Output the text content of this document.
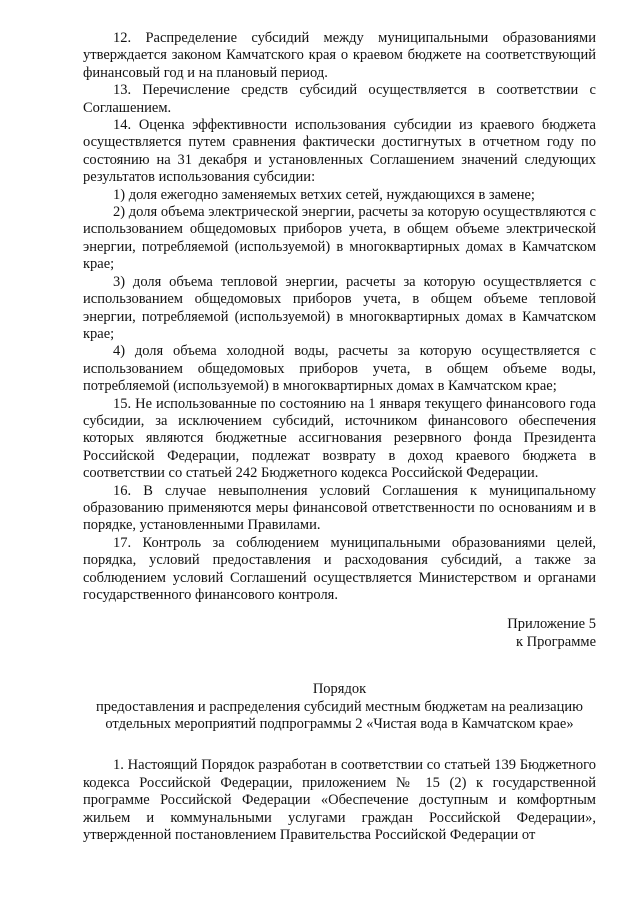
12. Распределение субсидий между муниципальными образованиями утверждается законом Камчатского края о краевом бюджете на соответствующий финансовый год и на плановый период.

13. Перечисление средств субсидий осуществляется в соответствии с Соглашением.

14. Оценка эффективности использования субсидии из краевого бюджета осуществляется путем сравнения фактически достигнутых в отчетном году по состоянию на 31 декабря и установленных Соглашением значений следующих результатов использования субсидии:

1) доля ежегодно заменяемых ветхих сетей, нуждающихся в замене;

2) доля объема электрической энергии, расчеты за которую осуществляются с использованием общедомовых приборов учета, в общем объеме электрической энергии, потребляемой (используемой) в многоквартирных домах в Камчатском крае;

3) доля объема тепловой энергии, расчеты за которую осуществляется с использованием общедомовых приборов учета, в общем объеме тепловой энергии, потребляемой (используемой) в многоквартирных домах в Камчатском крае;

4) доля объема холодной воды, расчеты за которую осуществляется с использованием общедомовых приборов учета, в общем объеме воды, потребляемой (используемой) в многоквартирных домах в Камчатском крае;

15. Не использованные по состоянию на 1 января текущего финансового года субсидии, за исключением субсидий, источником финансового обеспечения которых являются бюджетные ассигнования резервного фонда Президента Российской Федерации, подлежат возврату в доход краевого бюджета в соответствии со статьей 242 Бюджетного кодекса Российской Федерации.

16. В случае невыполнения условий Соглашения к муниципальному образованию применяются меры финансовой ответственности по основаниям и в порядке, установленными Правилами.

17. Контроль за соблюдением муниципальными образованиями целей, порядка, условий предоставления и расходования субсидий, а также за соблюдением условий Соглашений осуществляется Министерством и органами государственного финансового контроля.

Приложение 5
к Программе
Порядок
предоставления и распределения субсидий местным бюджетам на реализацию
отдельных мероприятий подпрограммы 2 «Чистая вода в Камчатском крае»

1. Настоящий Порядок разработан в соответствии со статьей 139 Бюджетного кодекса Российской Федерации, приложением № 15 (2) к государственной программе Российской Федерации «Обеспечение доступным и комфортным жильем и коммунальными услугами граждан Российской Федерации», утвержденной постановлением Правительства Российской Федерации от
